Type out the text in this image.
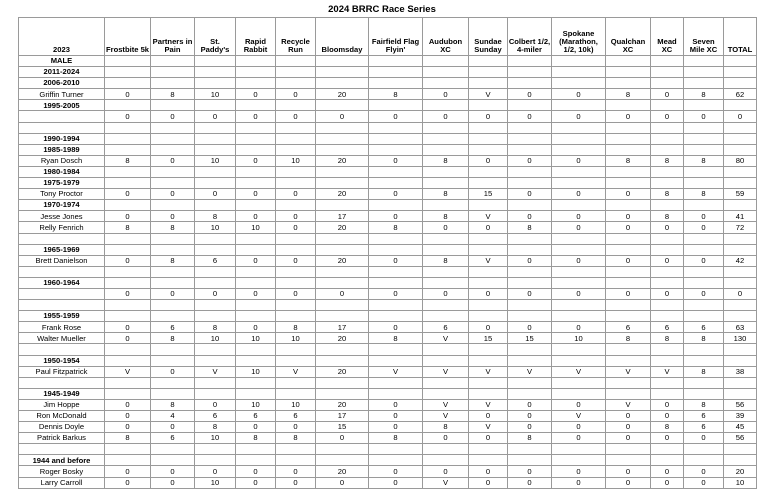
2024 BRRC Race Series
2023	Frostbite 5k	Partners in Pain	St. Paddy's	Rapid Rabbit	Recycle Run	Bloomsday	Fairfield Flag Flyin'	Audubon XC	Sundae Sunday	Colbert 1/2, 4-miler	Spokane (Marathon, 1/2, 10k)	Qualchan XC	Mead XC	Seven Mile XC	TOTAL
MALE															
2011-2024															
2006-2010															
Griffin Turner	0	8	10	0	0	20	8	0	V	0	0	8	0	8	62
1995-2005															
	0	0	0	0	0	0	0	0	0	0	0	0	0	0	0

1990-1994															
1985-1989															
Ryan Dosch	8	0	10	0	10	20	0	8	0	0	0	8	8	8	80
1980-1984															
1975-1979															
Tony Proctor	0	0	0	0	0	20	0	8	15	0	0	0	8	8	59
1970-1974															
Jesse Jones	0	0	8	0	0	17	0	8	V	0	0	0	8	0	41
Relly Fenrich	8	8	10	10	0	20	8	0	0	8	0	0	0	0	72

1965-1969															
Brett Danielson	0	8	6	0	0	20	0	8	V	0	0	0	0	0	42

1960-1964															
	0	0	0	0	0	0	0	0	0	0	0	0	0	0	0

1955-1959															
Frank Rose	0	6	8	0	8	17	0	6	0	0	0	6	6	6	63
Walter Mueller	0	8	10	10	10	20	8	V	15	15	10	8	8	8	130

1950-1954															
Paul Fitzpatrick	V	0	V	10	V	20	V	V	V	V	V	V	V	8	38

1945-1949															
Jim Hoppe	0	8	0	10	10	20	0	V	V	0	0	V	0	8	56
Ron McDonald	0	4	6	6	6	17	0	V	0	0	V	0	0	6	39
Dennis Doyle	0	0	8	0	0	15	0	8	V	0	0	0	8	6	45
Patrick Barkus	8	6	10	8	8	0	8	0	0	8	0	0	0	0	56

1944 and before															
Roger Bosky	0	0	0	0	0	20	0	0	0	0	0	0	0	0	20
Larry Carroll	0	0	10	0	0	0	0	V	0	0	0	0	0	0	10
